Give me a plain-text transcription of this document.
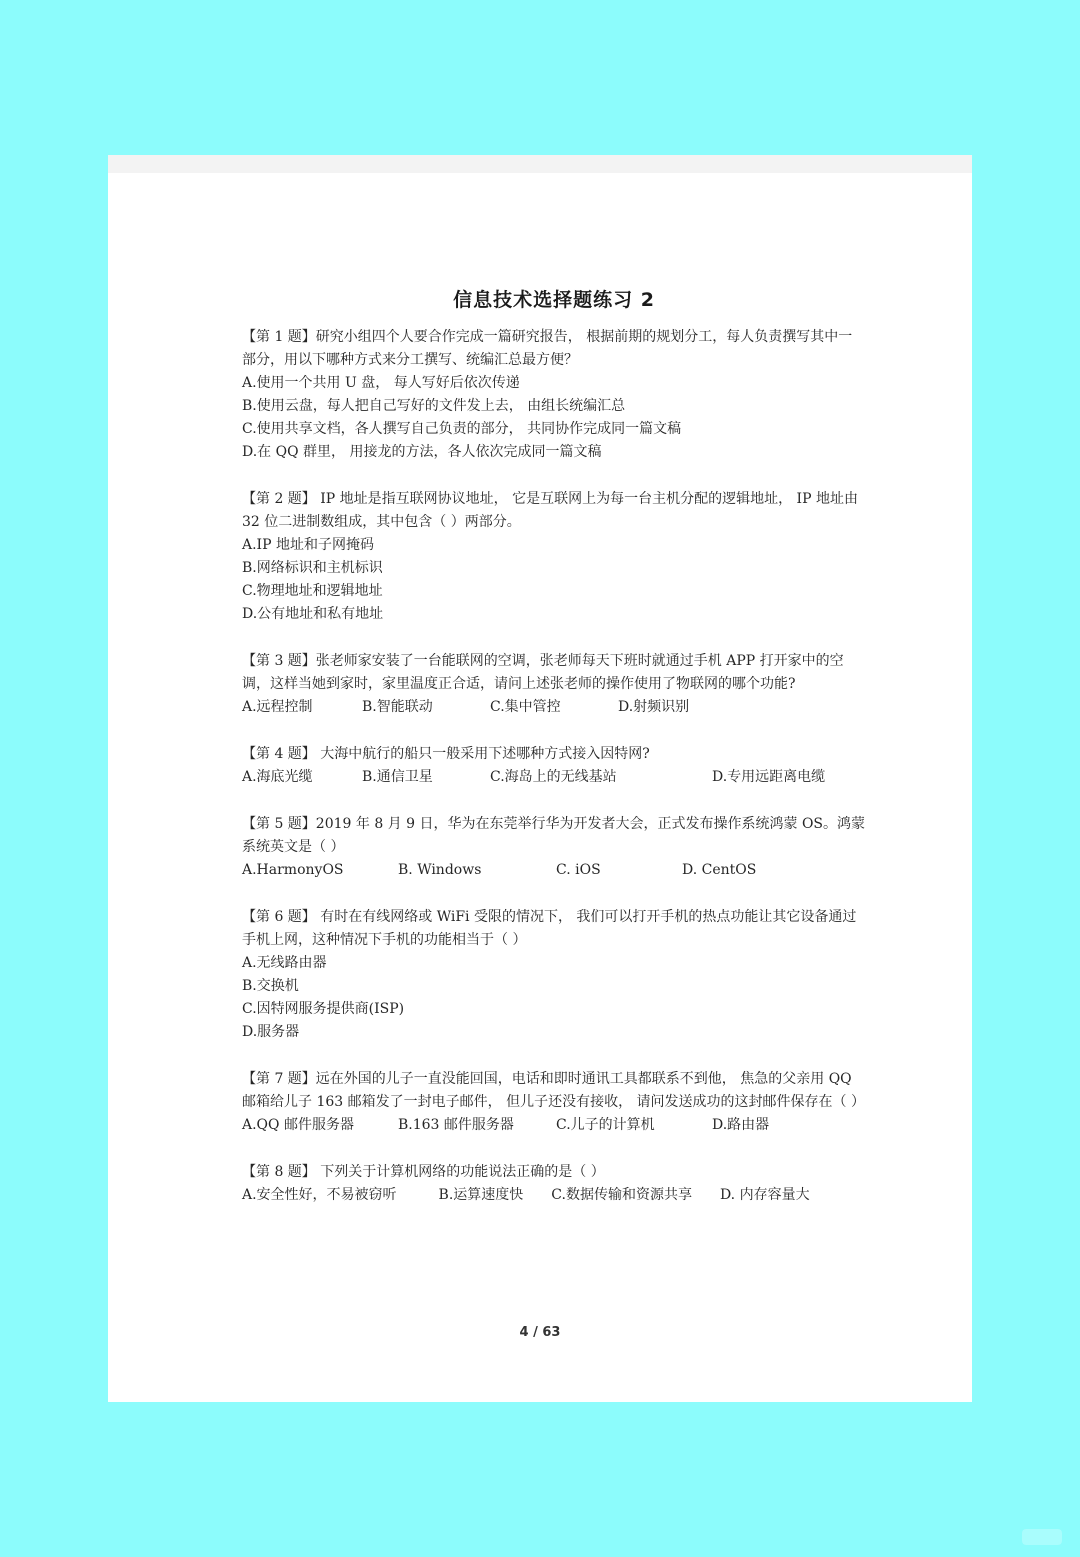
信息技术选择题练习 2

【第 1 题】研究小组四个人要合作完成一篇研究报告， 根据前期的规划分工，每人负责撰写其中一部分，用以下哪种方式来分工撰写、统编汇总最方便？

A.使用一个共用 U 盘， 每人写好后依次传递

B.使用云盘，每人把自己写好的文件发上去， 由组长统编汇总

C.使用共享文档，各人撰写自己负责的部分， 共同协作完成同一篇文稿

D.在 QQ 群里， 用接龙的方法，各人依次完成同一篇文稿

【第 2 题】 IP 地址是指互联网协议地址， 它是互联网上为每一台主机分配的逻辑地址， IP 地址由 32 位二进制数组成，其中包含（ ）两部分。

A.IP 地址和子网掩码

B.网络标识和主机标识

C.物理地址和逻辑地址

D.公有地址和私有地址

【第 3 题】张老师家安装了一台能联网的空调，张老师每天下班时就通过手机 APP 打开家中的空调，这样当她到家时，家里温度正合适，请问上述张老师的操作使用了物联网的哪个功能?

A.远程控制	B.智能联动	C.集中管控	D.射频识别

【第 4 题】 大海中航行的船只一般采用下述哪种方式接入因特网?

A.海底光缆	B.通信卫星	C.海岛上的无线基站	D.专用远距离电缆

【第 5 题】2019 年 8 月 9 日，华为在东莞举行华为开发者大会，正式发布操作系统鸿蒙 OS。鸿蒙系统英文是（ ）

A.HarmonyOS	B. Windows	C. iOS	D. CentOS

【第 6 题】 有时在有线网络或 WiFi 受限的情况下， 我们可以打开手机的热点功能让其它设备通过手机上网，这种情况下手机的功能相当于（ ）

A.无线路由器

B.交换机

C.因特网服务提供商(ISP)

D.服务器

【第 7 题】远在外国的儿子一直没能回国，电话和即时通讯工具都联系不到他， 焦急的父亲用 QQ 邮箱给儿子 163 邮箱发了一封电子邮件， 但儿子还没有接收， 请问发送成功的这封邮件保存在（ ）

A.QQ 邮件服务器	B.163 邮件服务器	C.儿子的计算机	D.路由器

【第 8 题】 下列关于计算机网络的功能说法正确的是（ ）

A.安全性好，不易被窃听　　　B.运算速度快　　C.数据传输和资源共享　　D. 内存容量大

4 / 63
